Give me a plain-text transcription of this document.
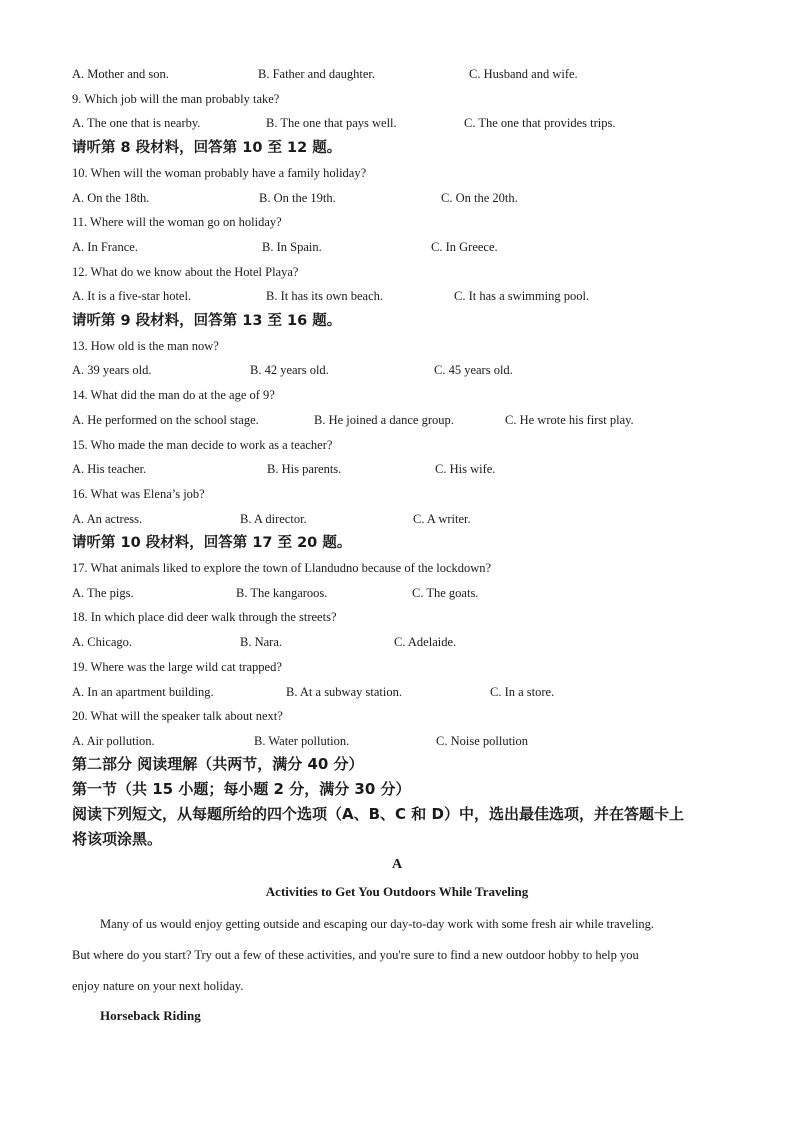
A. Mother and son.	B. Father and daughter.	C. Husband and wife.
9. Which job will the man probably take?
A. The one that is nearby.	B. The one that pays well.	C. The one that provides trips.
请听第 8 段材料，回答第 10 至 12 题。
10. When will the woman probably have a family holiday?
A. On the 18th.	B. On the 19th.	C. On the 20th.
11. Where will the woman go on holiday?
A. In France.	B. In Spain.	C. In Greece.
12. What do we know about the Hotel Playa?
A. It is a five-star hotel.	B. It has its own beach.	C. It has a swimming pool.
请听第 9 段材料，回答第 13 至 16 题。
13. How old is the man now?
A. 39 years old.	B. 42 years old.	C. 45 years old.
14. What did the man do at the age of 9?
A. He performed on the school stage.	B. He joined a dance group.	C. He wrote his first play.
15. Who made the man decide to work as a teacher?
A. His teacher.	B. His parents.	C. His wife.
16. What was Elena’s job?
A. An actress.	B. A director.	C. A writer.
请听第 10 段材料，回答第 17 至 20 题。
17. What animals liked to explore the town of Llandudno because of the lockdown?
A. The pigs.	B. The kangaroos.	C. The goats.
18. In which place did deer walk through the streets?
A. Chicago.	B. Nara.	C. Adelaide.
19. Where was the large wild cat trapped?
A. In an apartment building.	B. At a subway station.	C. In a store.
20. What will the speaker talk about next?
A. Air pollution.	B. Water pollution.	C. Noise pollution
第二部分 阅读理解（共两节，满分 40 分）
第一节（共 15 小题；每小题 2 分，满分 30 分）
阅读下列短文，从每题所给的四个选项（A、B、C 和 D）中，选出最佳选项，并在答题卡上
将该项涂黑。
A
Activities to Get You Outdoors While Traveling
Many of us would enjoy getting outside and escaping our day-to-day work with some fresh air while traveling.
But where do you start? Try out a few of these activities, and you're sure to find a new outdoor hobby to help you
enjoy nature on your next holiday.
Horseback Riding
